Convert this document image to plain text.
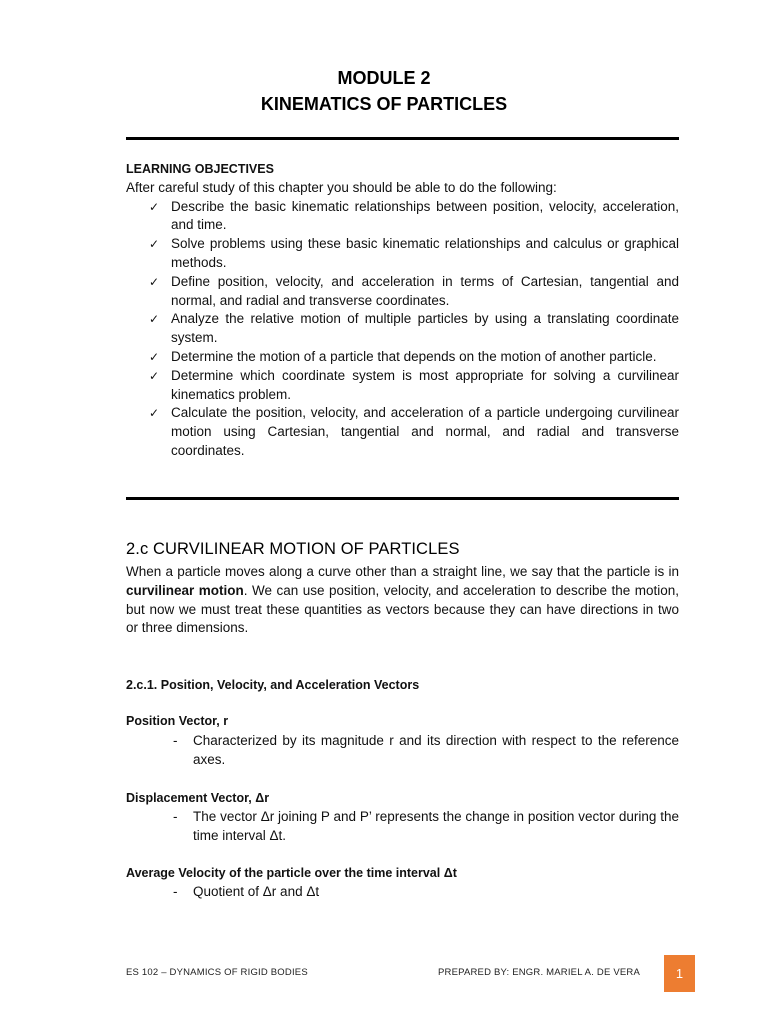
MODULE 2
KINEMATICS OF PARTICLES
LEARNING OBJECTIVES

After careful study of this chapter you should be able to do the following:

✓ Describe the basic kinematic relationships between position, velocity, acceleration, and time.
✓ Solve problems using these basic kinematic relationships and calculus or graphical methods.
✓ Define position, velocity, and acceleration in terms of Cartesian, tangential and normal, and radial and transverse coordinates.
✓ Analyze the relative motion of multiple particles by using a translating coordinate system.
✓ Determine the motion of a particle that depends on the motion of another particle.
✓ Determine which coordinate system is most appropriate for solving a curvilinear kinematics problem.
✓ Calculate the position, velocity, and acceleration of a particle undergoing curvilinear motion using Cartesian, tangential and normal, and radial and transverse coordinates.
2.c CURVILINEAR MOTION OF PARTICLES

When a particle moves along a curve other than a straight line, we say that the particle is in curvilinear motion. We can use position, velocity, and acceleration to describe the motion, but now we must treat these quantities as vectors because they can have directions in two or three dimensions.

2.c.1. Position, Velocity, and Acceleration Vectors
Position Vector, r
-	Characterized by its magnitude r and its direction with respect to the reference axes.
Displacement Vector, Δr
-	The vector Δr joining P and P’ represents the change in position vector during the time interval Δt.
Average Velocity of the particle over the time interval Δt
-	Quotient of Δr and Δt
ES 102 – DYNAMICS OF RIGID BODIES	PREPARED BY: ENGR. MARIEL A. DE VERA	1
